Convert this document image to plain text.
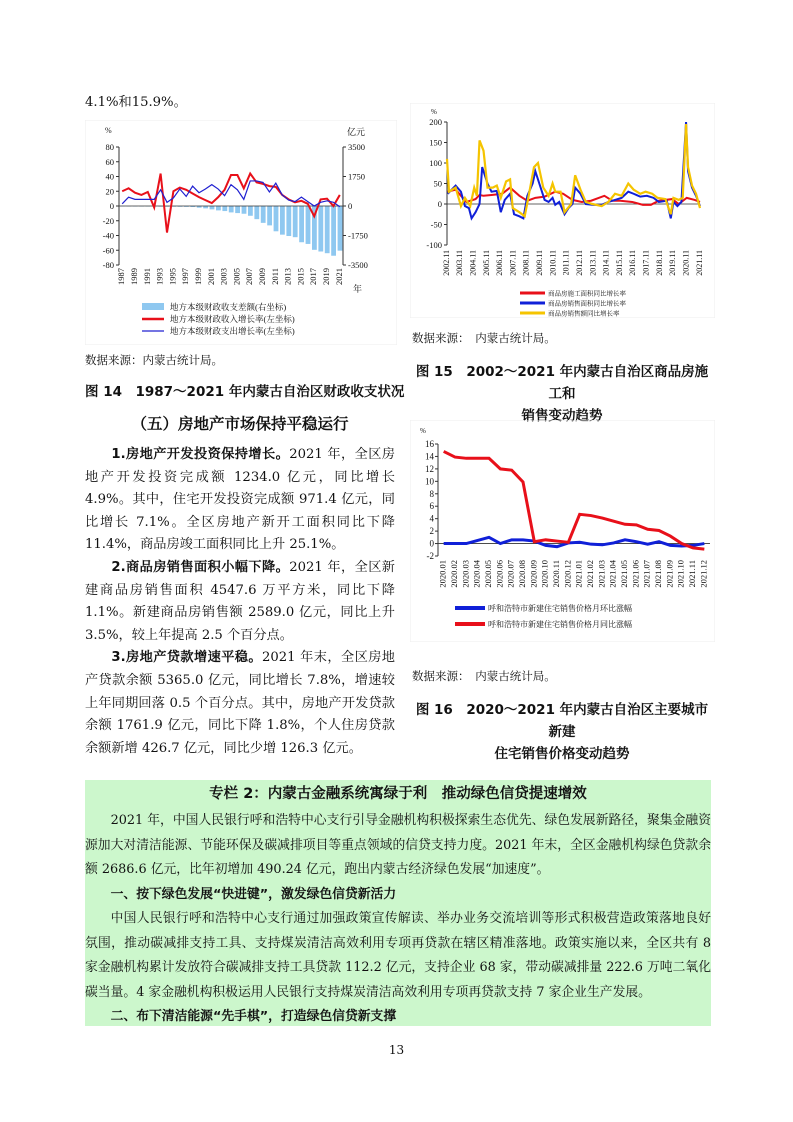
4.1%和15.9%。
%	亿元
年
80
60
40
20
0
-20
-40
-60
-80
3500
1750
0
-1750
-3500
1987 1989 1991 1993 1995 1997 1999 2001 2003 2005 2007 2009 2011 2013 2015 2017 2019 2021
地方本级财政收支差额(右坐标)
地方本级财政收入增长率(左坐标)
地方本级财政支出增长率(左坐标)
数据来源：内蒙古统计局。
图 14　1987～2021 年内蒙古自治区财政收支状况
（五）房地产市场保持平稳运行

1.房地产开发投资保持增长。2021 年，全区房地产开发投资完成额 1234.0 亿元，同比增长 4.9%。其中，住宅开发投资完成额 971.4 亿元，同比增长 7.1%。全区房地产新开工面积同比下降 11.4%，商品房竣工面积同比上升 25.1%。

2.商品房销售面积小幅下降。2021 年，全区新建商品房销售面积 4547.6 万平方米，同比下降 1.1%。新建商品房销售额 2589.0 亿元，同比上升 3.5%，较上年提高 2.5 个百分点。

3.房地产贷款增速平稳。2021 年末，全区房地产贷款余额 5365.0 亿元，同比增长 7.8%，增速较上年同期回落 0.5 个百分点。其中，房地产开发贷款余额 1761.9 亿元，同比下降 1.8%，个人住房贷款余额新增 426.7 亿元，同比少增 126.3 亿元。

%
200
150
100
50
0
-50
-100
2002.11 2003.11 2004.11 2005.11 2006.11 2007.11 2008.11 2009.11 2010.11 2011.11 2012.11 2013.11 2014.11 2015.11 2016.11 2017.11 2018.11 2019.11 2020.11 2021.11
商品房施工面积同比增长率
商品房销售面积同比增长率
商品房销售额同比增长率
数据来源：　内蒙古统计局。
图 15　2002～2021 年内蒙古自治区商品房施工和
销售变动趋势
%
16
14
12
10
8
6
4
2
0
-2
2020.01 2020.02 2020.03 2020.04 2020.05 2020.06 2020.07 2020.08 2020.09 2020.10 2020.11 2020.12 2021.01 2021.02 2021.03 2021.04 2021.05 2021.06 2021.07 2021.08 2021.09 2021.10 2021.11 2021.12
呼和浩特市新建住宅销售价格月环比涨幅
呼和浩特市新建住宅销售价格月同比涨幅
数据来源：　内蒙古统计局。
图 16　2020～2021 年内蒙古自治区主要城市新建
住宅销售价格变动趋势
专栏 2：内蒙古金融系统寓绿于利　推动绿色信贷提速增效

2021 年，中国人民银行呼和浩特中心支行引导金融机构积极探索生态优先、绿色发展新路径，聚集金融资源加大对清洁能源、节能环保及碳减排项目等重点领域的信贷支持力度。2021 年末，全区金融机构绿色贷款余额 2686.6 亿元，比年初增加 490.24 亿元，跑出内蒙古经济绿色发展“加速度”。

一、按下绿色发展“快进键”，激发绿色信贷新活力

中国人民银行呼和浩特中心支行通过加强政策宣传解读、举办业务交流培训等形式积极营造政策落地良好氛围，推动碳减排支持工具、支持煤炭清洁高效利用专项再贷款在辖区精准落地。政策实施以来，全区共有 8 家金融机构累计发放符合碳减排支持工具贷款 112.2 亿元，支持企业 68 家，带动碳减排量 222.6 万吨二氧化碳当量。4 家金融机构积极运用人民银行支持煤炭清洁高效利用专项再贷款支持 7 家企业生产发展。

二、布下清洁能源“先手棋”，打造绿色信贷新支撑

13
